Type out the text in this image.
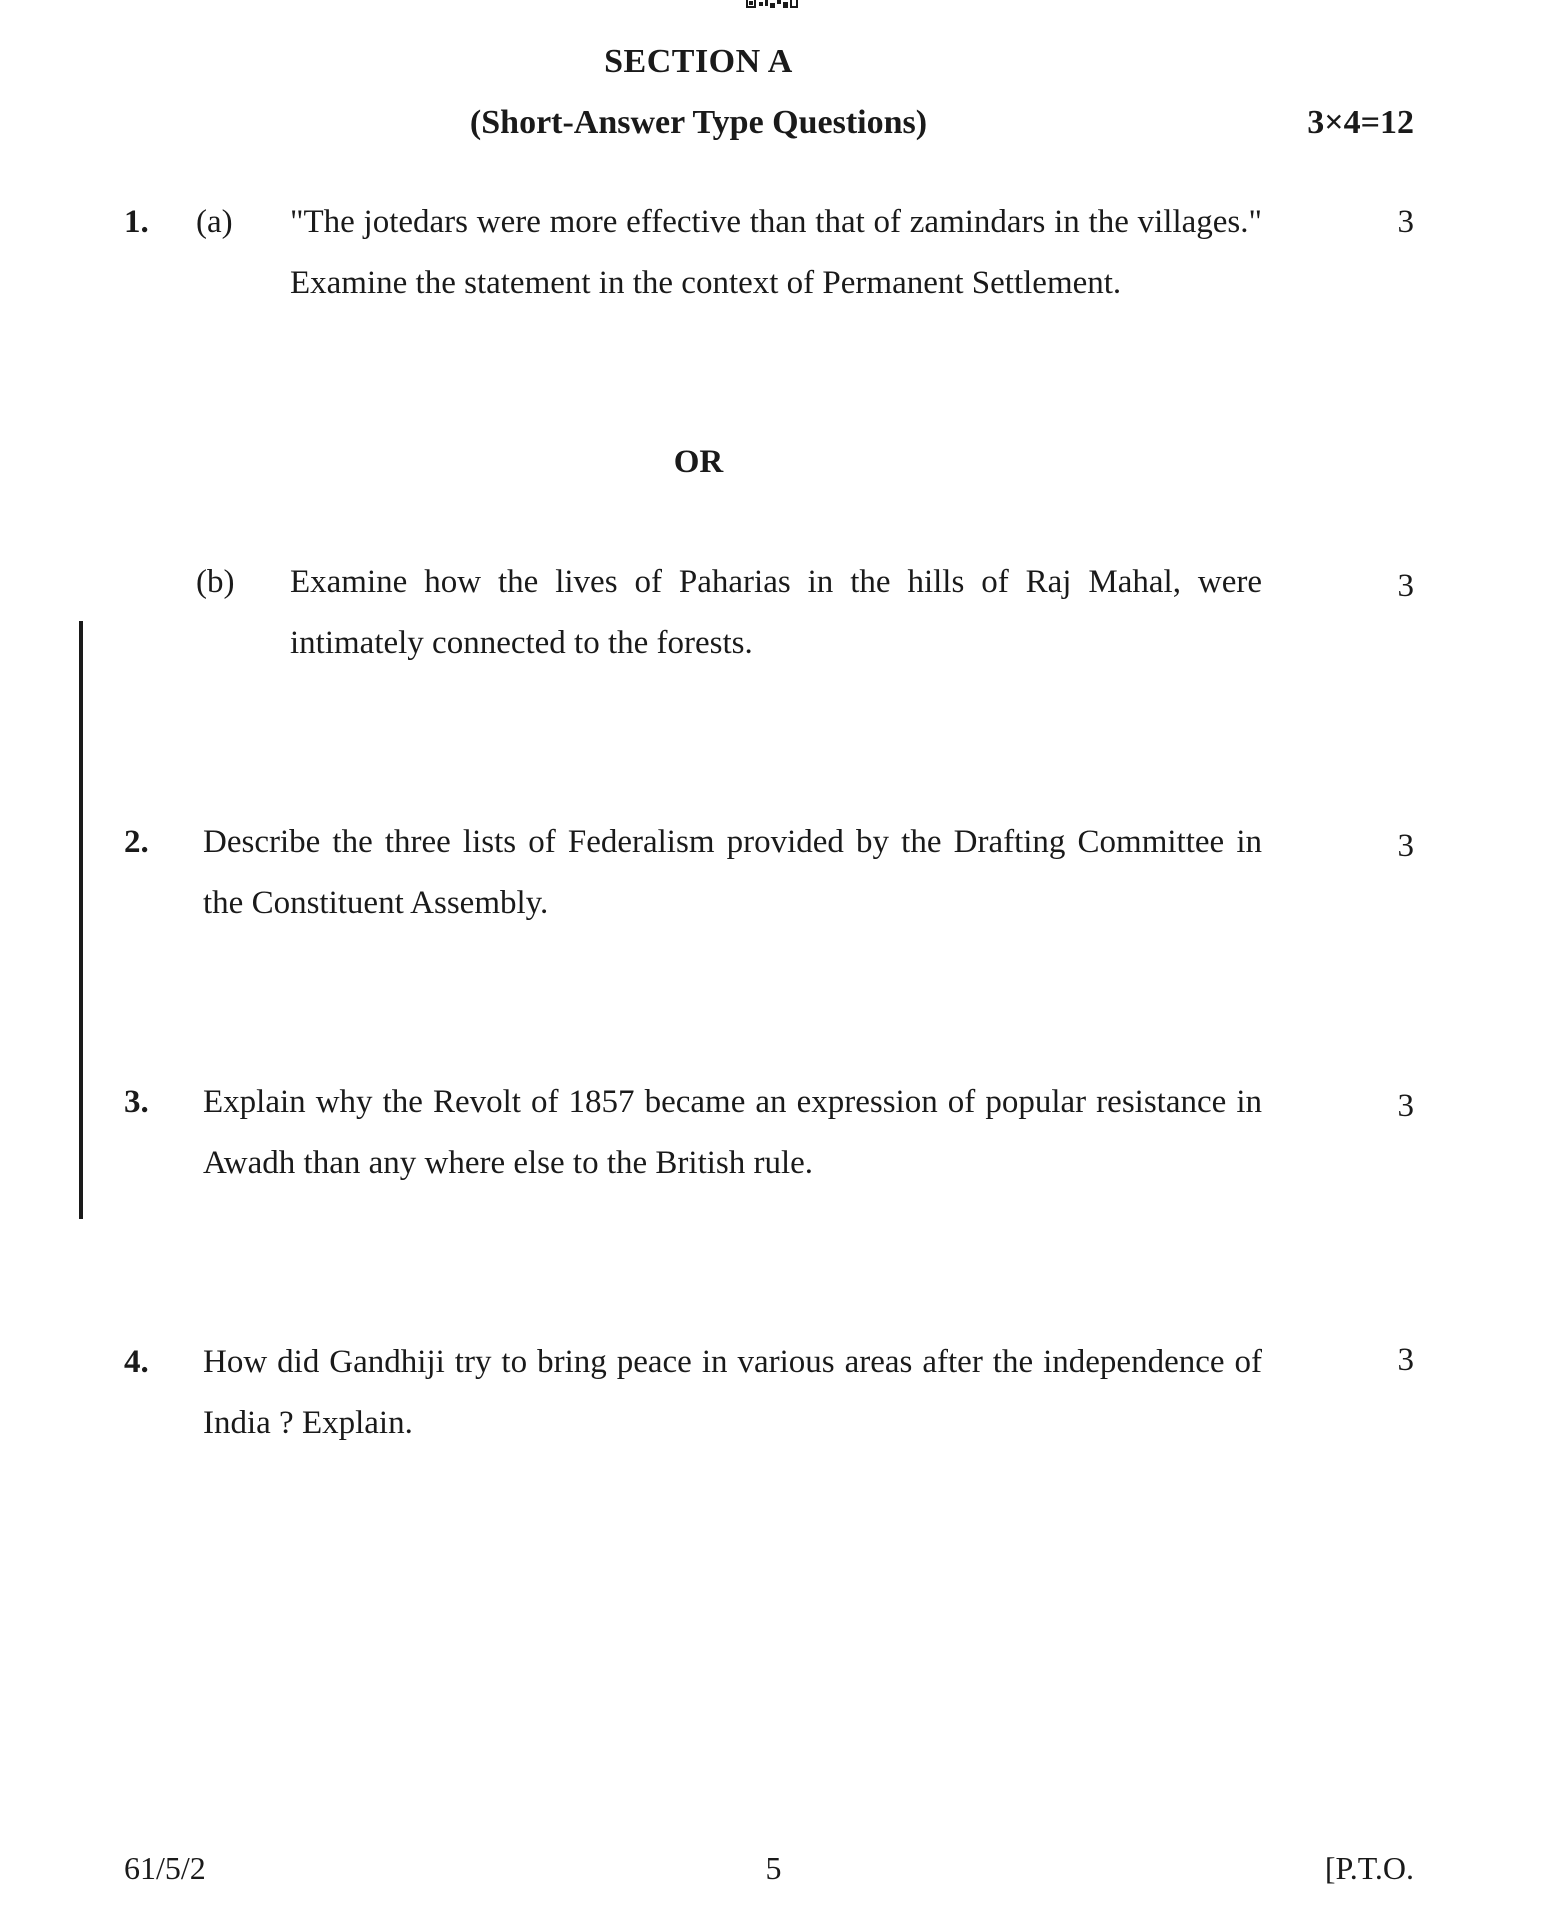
SECTION A
(Short-Answer Type Questions)	3×4=12
1. (a) "The jotedars were more effective than that of zamindars in the villages." Examine the statement in the context of Permanent Settlement.
3
OR
(b) Examine how the lives of Paharias in the hills of Raj Mahal, were intimately connected to the forests.
3
2. Describe the three lists of Federalism provided by the Drafting Committee in the Constituent Assembly.
3
3. Explain why the Revolt of 1857 became an expression of popular resistance in Awadh than any where else to the British rule.
3
4. How did Gandhiji try to bring peace in various areas after the independence of India ? Explain.
3
61/5/2	5	[P.T.O.
